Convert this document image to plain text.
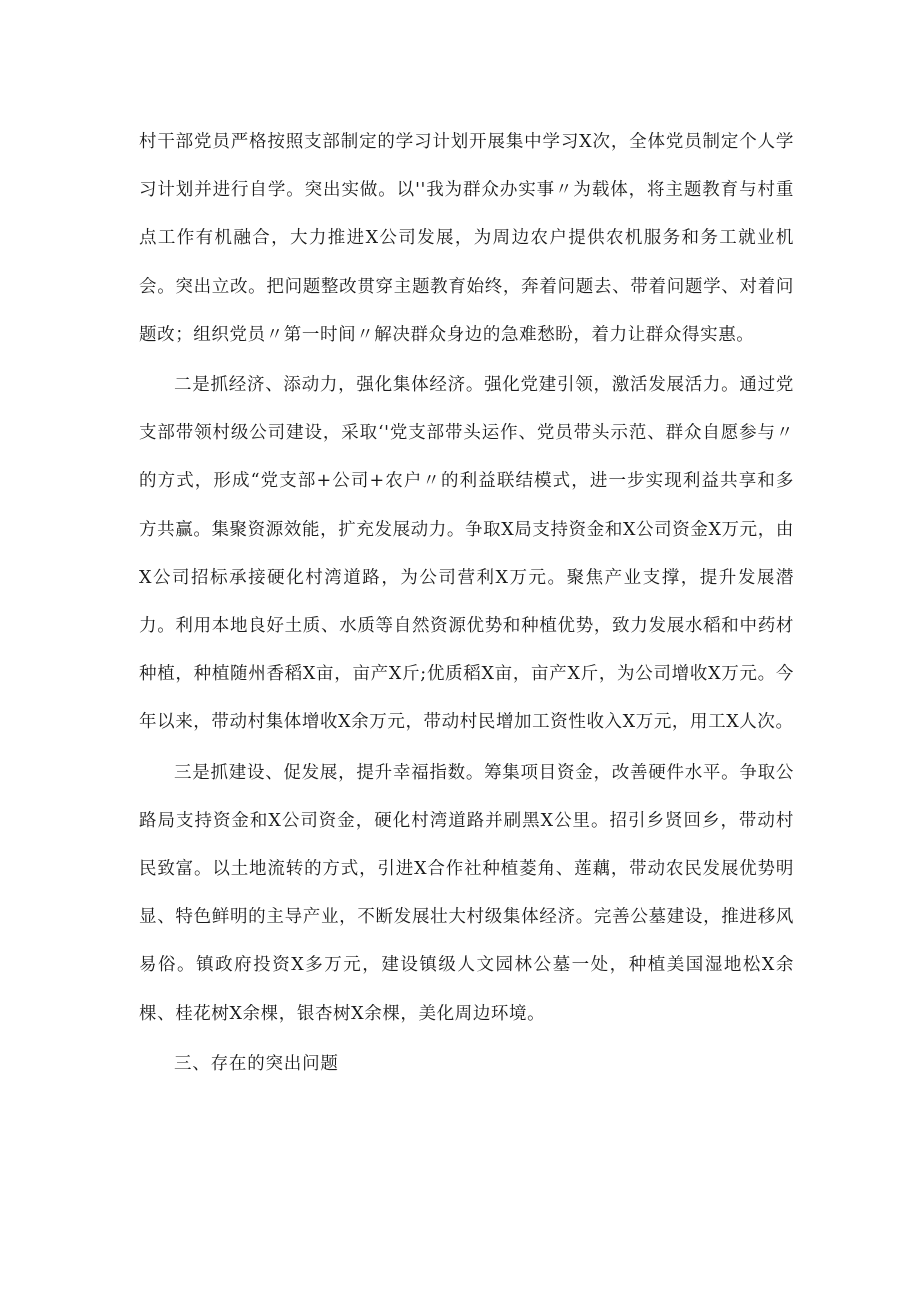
村干部党员严格按照支部制定的学习计划开展集中学习X次，全体党员制定个人学习计划并进行自学。突出实做。以''我为群众办实事〃为载体，将主题教育与村重点工作有机融合，大力推进X公司发展，为周边农户提供农机服务和务工就业机会。突出立改。把问题整改贯穿主题教育始终，奔着问题去、带着问题学、对着问题改；组织党员〃第一时间〃解决群众身边的急难愁盼，着力让群众得实惠。

二是抓经济、添动力，强化集体经济。强化党建引领，激活发展活力。通过党支部带领村级公司建设，采取‘'党支部带头运作、党员带头示范、群众自愿参与〃的方式，形成“党支部+公司+农户〃的利益联结模式，进一步实现利益共享和多方共赢。集聚资源效能，扩充发展动力。争取X局支持资金和X公司资金X万元，由X公司招标承接硬化村湾道路，为公司营利X万元。聚焦产业支撑，提升发展潜力。利用本地良好土质、水质等自然资源优势和种植优势，致力发展水稻和中药材种植，种植随州香稻X亩，亩产X斤;优质稻X亩，亩产X斤，为公司增收X万元。今年以来，带动村集体增收X余万元，带动村民增加工资性收入X万元，用工X人次。

三是抓建设、促发展，提升幸福指数。筹集项目资金，改善硬件水平。争取公路局支持资金和X公司资金，硬化村湾道路并刷黑X公里。招引乡贤回乡，带动村民致富。以土地流转的方式，引进X合作社种植菱角、莲藕，带动农民发展优势明显、特色鲜明的主导产业，不断发展壮大村级集体经济。完善公墓建设，推进移风易俗。镇政府投资X多万元，建设镇级人文园林公墓一处，种植美国湿地松X余棵、桂花树X余棵，银杏树X余棵，美化周边环境。

三、存在的突出问题
